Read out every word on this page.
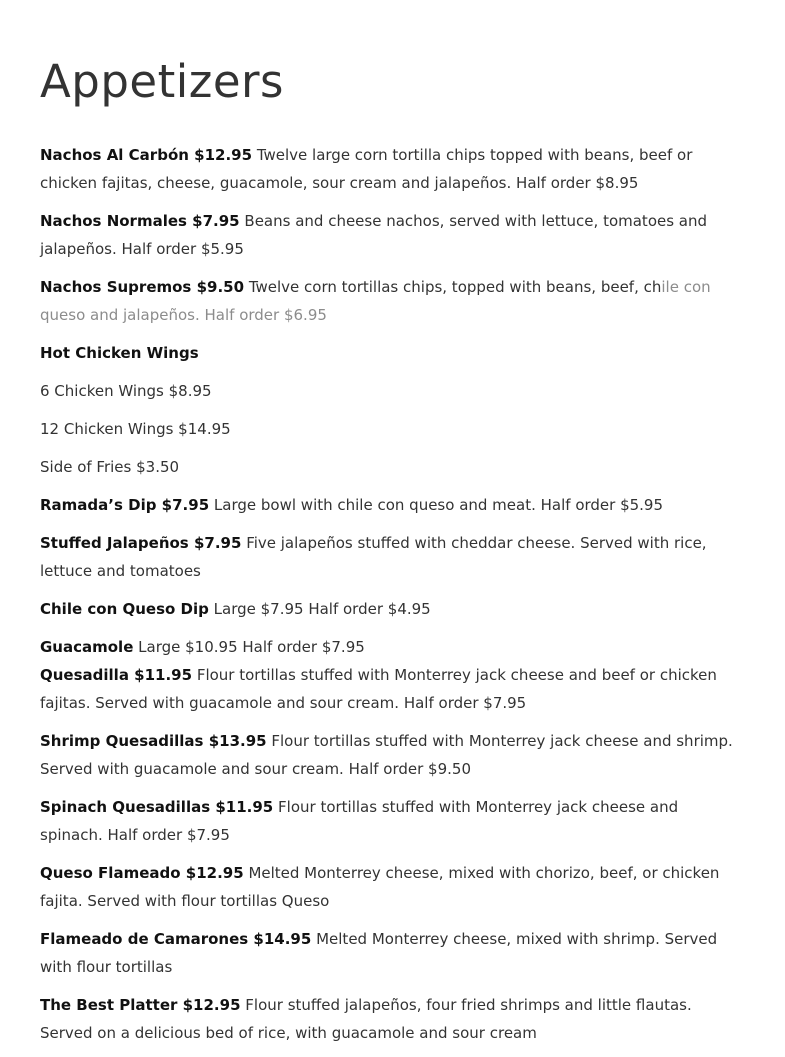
Appetizers

Nachos Al Carbón $12.95 Twelve large corn tortilla chips topped with beans, beef or chicken fajitas, cheese, guacamole, sour cream and jalapeños. Half order $8.95

Nachos Normales $7.95 Beans and cheese nachos, served with lettuce, tomatoes and jalapeños. Half order $5.95

Nachos Supremos $9.50 Twelve corn tortillas chips, topped with beans, beef, chile con queso and jalapeños. Half order $6.95

Hot Chicken Wings

6 Chicken Wings $8.95

12 Chicken Wings $14.95

Side of Fries $3.50

Ramada’s Dip $7.95 Large bowl with chile con queso and meat. Half order $5.95

Stuffed Jalapeños $7.95 Five jalapeños stuffed with cheddar cheese. Served with rice, lettuce and tomatoes

Chile con Queso Dip Large $7.95 Half order $4.95

Guacamole Large $10.95 Half order $7.95

Quesadilla $11.95 Flour tortillas stuffed with Monterrey jack cheese and beef or chicken fajitas. Served with guacamole and sour cream. Half order $7.95

Shrimp Quesadillas $13.95 Flour tortillas stuffed with Monterrey jack cheese and shrimp. Served with guacamole and sour cream. Half order $9.50

Spinach Quesadillas $11.95 Flour tortillas stuffed with Monterrey jack cheese and spinach. Half order $7.95

Queso Flameado $12.95 Melted Monterrey cheese, mixed with chorizo, beef, or chicken fajita. Served with flour tortillas Queso

Flameado de Camarones $14.95 Melted Monterrey cheese, mixed with shrimp. Served with flour tortillas

The Best Platter $12.95 Flour stuffed jalapeños, four fried shrimps and little flautas. Served on a delicious bed of rice, with guacamole and sour cream
